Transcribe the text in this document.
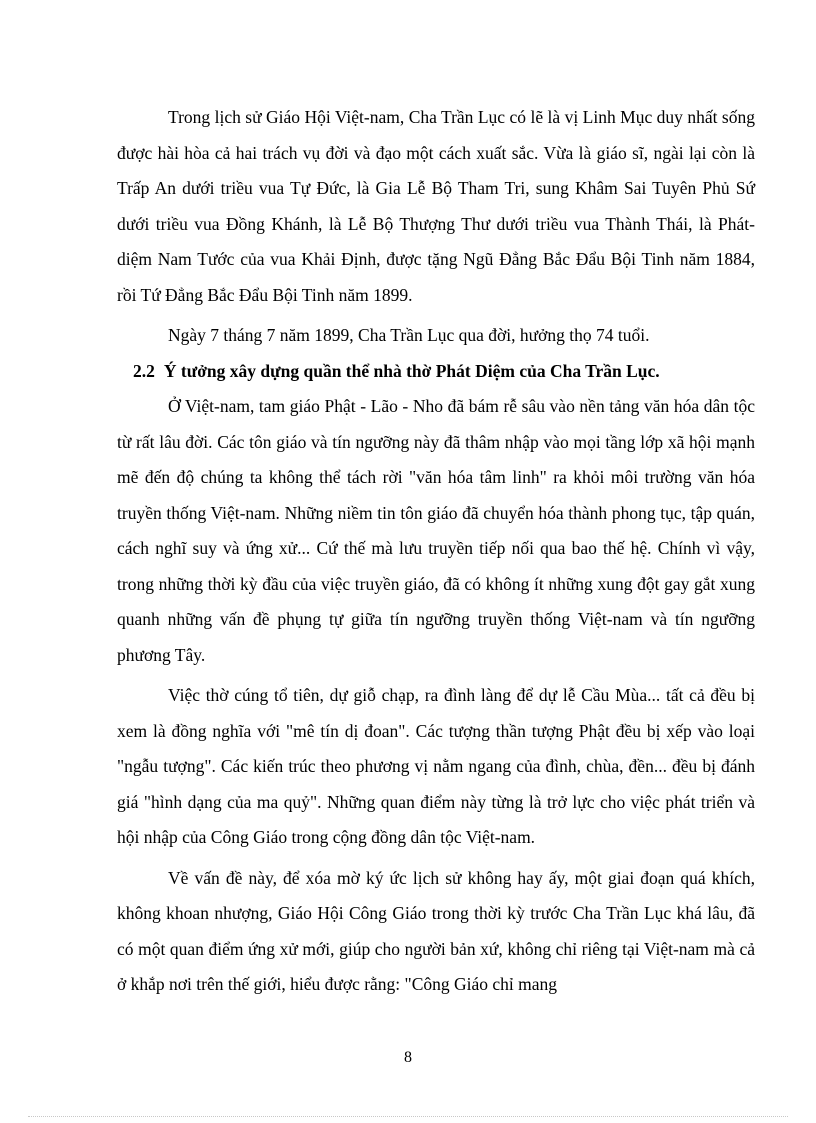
Trong lịch sử Giáo Hội Việt-nam, Cha Trần Lục có lẽ là vị Linh Mục duy nhất sống được hài hòa cả hai trách vụ đời và đạo một cách xuất sắc. Vừa là giáo sĩ, ngài lại còn là Trấp An dưới triều vua Tự Đức, là Gia Lễ Bộ Tham Tri, sung Khâm Sai Tuyên Phủ Sứ dưới triều vua Đồng Khánh, là Lễ Bộ Thượng Thư dưới triều vua Thành Thái, là Phát-diệm Nam Tước của vua Khải Định, được tặng Ngũ Đẳng Bắc Đẩu Bội Tinh năm 1884, rồi Tứ Đẳng Bắc Đẩu Bội Tinh năm 1899.

Ngày 7 tháng 7 năm 1899, Cha Trần Lục qua đời, hưởng thọ 74 tuổi.

2.2 Ý tưởng xây dựng quần thể nhà thờ Phát Diệm của Cha Trần Lục.

Ở Việt-nam, tam giáo Phật - Lão - Nho đã bám rễ sâu vào nền tảng văn hóa dân tộc từ rất lâu đời. Các tôn giáo và tín ngưỡng này đã thâm nhập vào mọi tầng lớp xã hội mạnh mẽ đến độ chúng ta không thể tách rời "văn hóa tâm linh" ra khỏi môi trường văn hóa truyền thống Việt-nam. Những niềm tin tôn giáo đã chuyển hóa thành phong tục, tập quán, cách nghĩ suy và ứng xử... Cứ thế mà lưu truyền tiếp nối qua bao thế hệ. Chính vì vậy, trong những thời kỳ đầu của việc truyền giáo, đã có không ít những xung đột gay gắt xung quanh những vấn đề phụng tự giữa tín ngưỡng truyền thống Việt-nam và tín ngưỡng phương Tây.

Việc thờ cúng tổ tiên, dự giỗ chạp, ra đình làng để dự lễ Cầu Mùa... tất cả đều bị xem là đồng nghĩa với "mê tín dị đoan". Các tượng thần tượng Phật đều bị xếp vào loại "ngẫu tượng". Các kiến trúc theo phương vị nằm ngang của đình, chùa, đền... đều bị đánh giá "hình dạng của ma quỷ". Những quan điểm này từng là trở lực cho việc phát triển và hội nhập của Công Giáo trong cộng đồng dân tộc Việt-nam.

Về vấn đề này, để xóa mờ ký ức lịch sử không hay ấy, một giai đoạn quá khích, không khoan nhượng, Giáo Hội Công Giáo trong thời kỳ trước Cha Trần Lục khá lâu, đã có một quan điểm ứng xử mới, giúp cho người bản xứ, không chỉ riêng tại Việt-nam mà cả ở khắp nơi trên thế giới, hiểu được rằng: "Công Giáo chỉ mang

8
